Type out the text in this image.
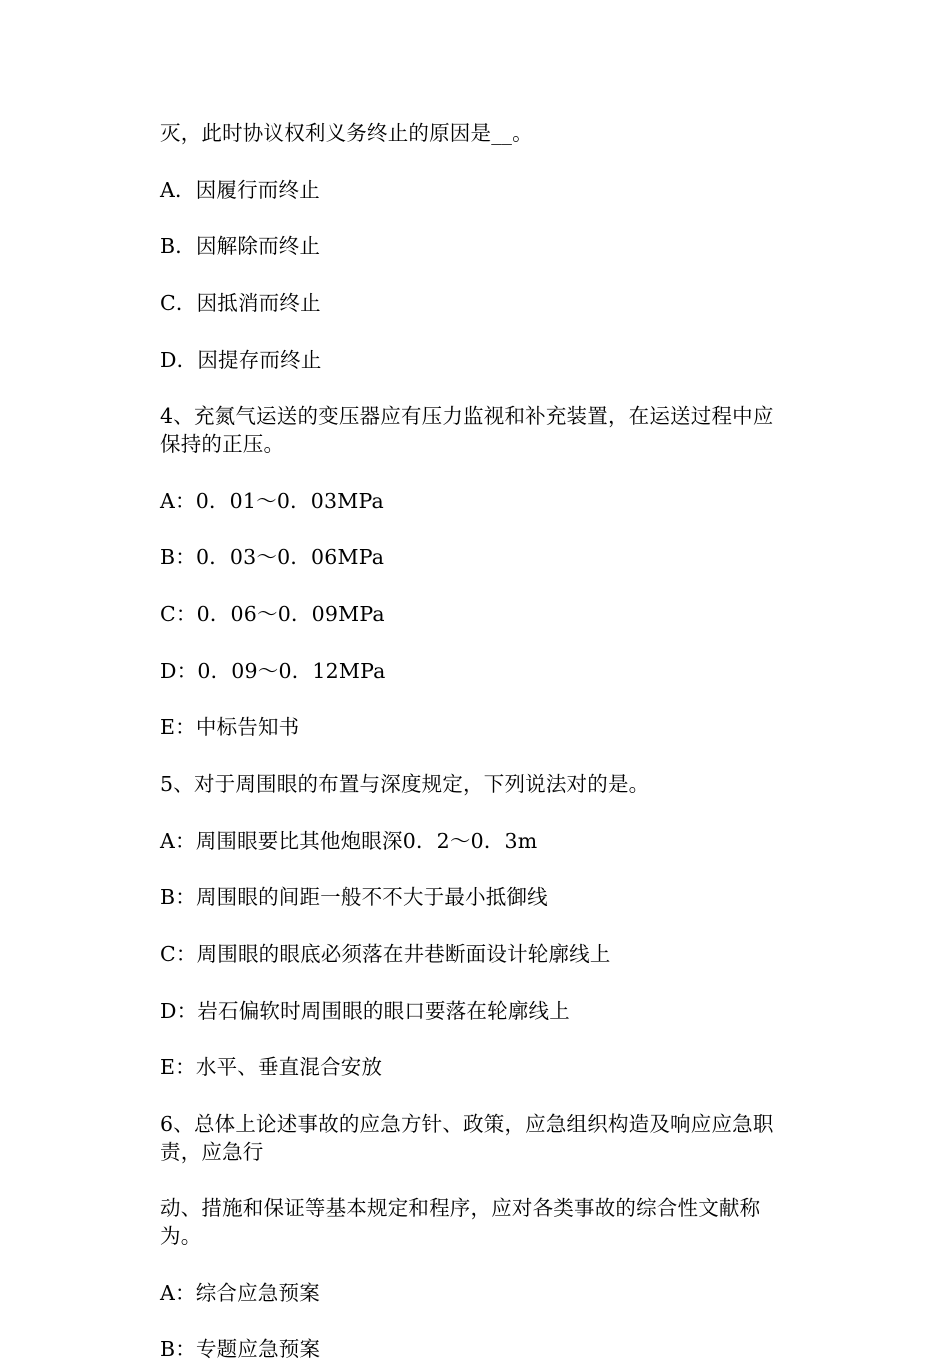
灭，此时协议权利义务终止的原因是__。

A．因履行而终止

B．因解除而终止

C．因抵消而终止

D．因提存而终止

4、充氮气运送的变压器应有压力监视和补充装置，在运送过程中应保持的正压。

A：0．01～0．03MPa

B：0．03～0．06MPa

C：0．06～0．09MPa

D：0．09～0．12MPa

E：中标告知书

5、对于周围眼的布置与深度规定，下列说法对的是。

A：周围眼要比其他炮眼深0．2～0．3m

B：周围眼的间距一般不不大于最小抵御线

C：周围眼的眼底必须落在井巷断面设计轮廓线上

D：岩石偏软时周围眼的眼口要落在轮廓线上

E：水平、垂直混合安放

6、总体上论述事故的应急方针、政策，应急组织构造及响应应急职责，应急行

动、措施和保证等基本规定和程序，应对各类事故的综合性文献称为。

A：综合应急预案

B：专题应急预案
